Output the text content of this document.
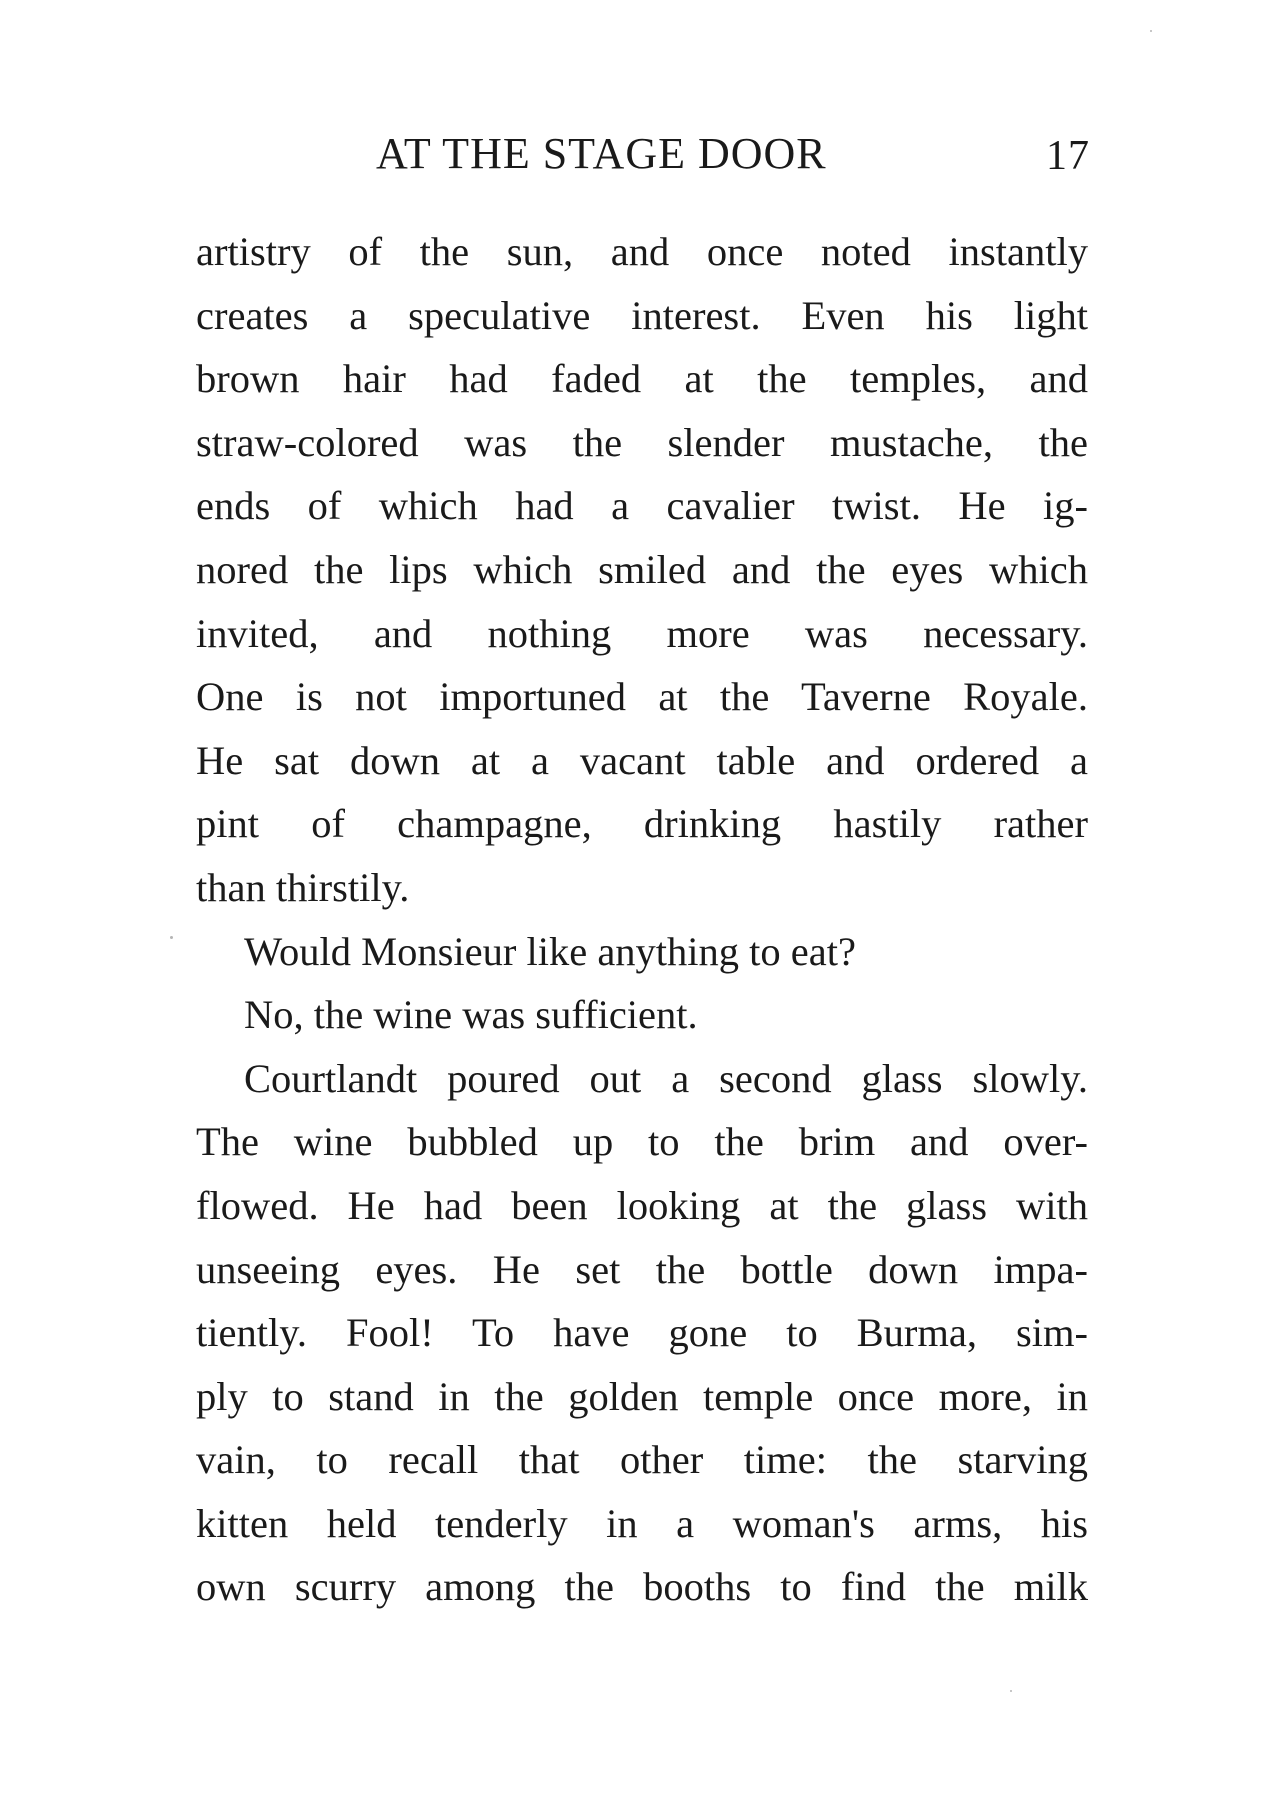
AT THE STAGE DOOR	17
artistry of the sun, and once noted instantly
creates a speculative interest. Even his light
brown hair had faded at the temples, and
straw-colored was the slender mustache, the
ends of which had a cavalier twist. He ig-
nored the lips which smiled and the eyes which
invited, and nothing more was necessary.
One is not importuned at the Taverne Royale.
He sat down at a vacant table and ordered a
pint of champagne, drinking hastily rather
than thirstily.
Would Monsieur like anything to eat?
No, the wine was sufficient.
Courtlandt poured out a second glass slowly.
The wine bubbled up to the brim and over-
flowed. He had been looking at the glass with
unseeing eyes. He set the bottle down impa-
tiently. Fool! To have gone to Burma, sim-
ply to stand in the golden temple once more, in
vain, to recall that other time: the starving
kitten held tenderly in a woman's arms, his
own scurry among the booths to find the milk
